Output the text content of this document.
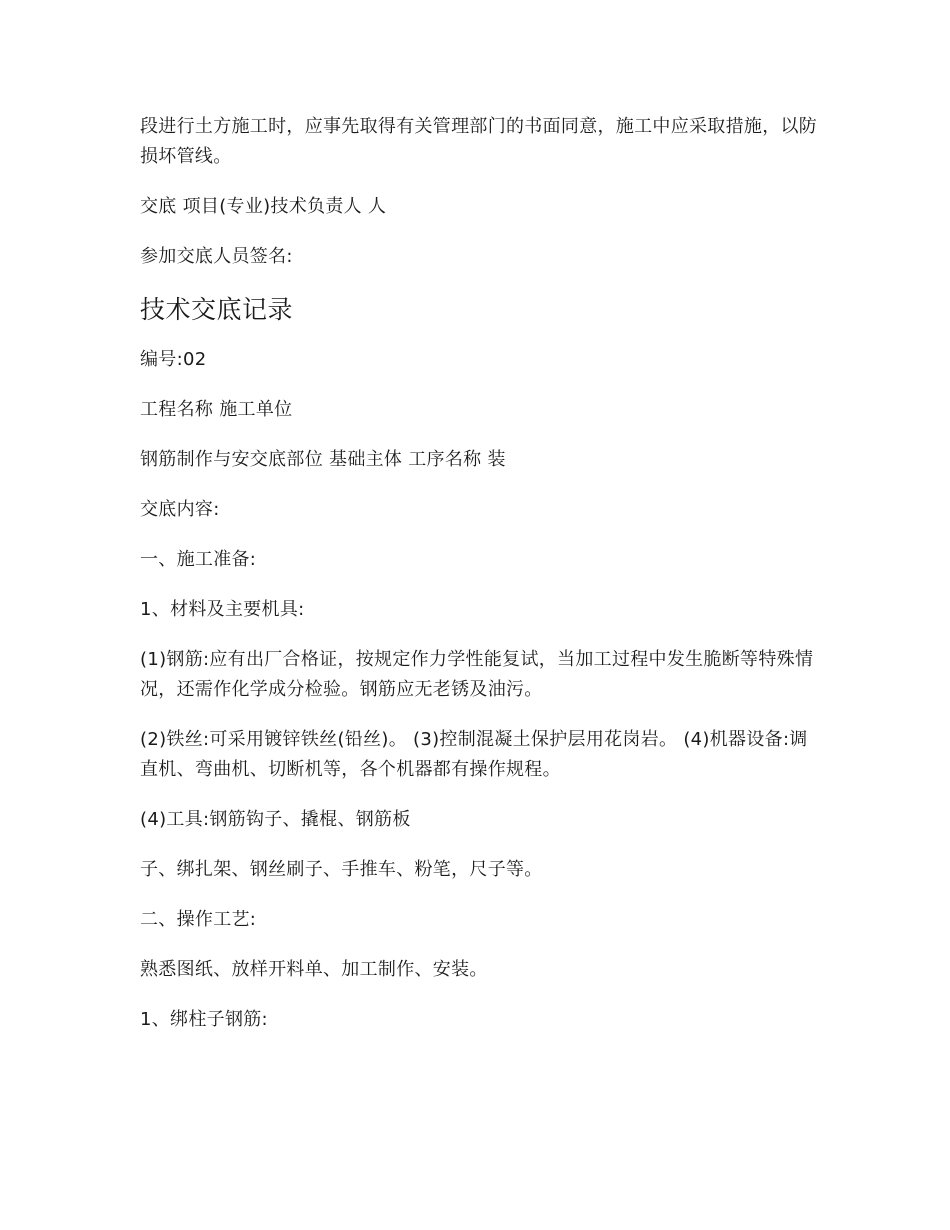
段进行土方施工时，应事先取得有关管理部门的书面同意，施工中应采取措施，以防损坏管线。

交底 项目(专业)技术负责人 人

参加交底人员签名:

技术交底记录

编号:02

工程名称 施工单位

钢筋制作与安交底部位 基础主体 工序名称 装

交底内容:

一、施工准备:

1、材料及主要机具:

(1)钢筋:应有出厂合格证，按规定作力学性能复试，当加工过程中发生脆断等特殊情况，还需作化学成分检验。钢筋应无老锈及油污。

(2)铁丝:可采用镀锌铁丝(铅丝)。 (3)控制混凝土保护层用花岗岩。 (4)机器设备:调直机、弯曲机、切断机等，各个机器都有操作规程。

(4)工具:钢筋钩子、撬棍、钢筋板

子、绑扎架、钢丝刷子、手推车、粉笔，尺子等。

二、操作工艺:

熟悉图纸、放样开料单、加工制作、安装。

1、绑柱子钢筋:
